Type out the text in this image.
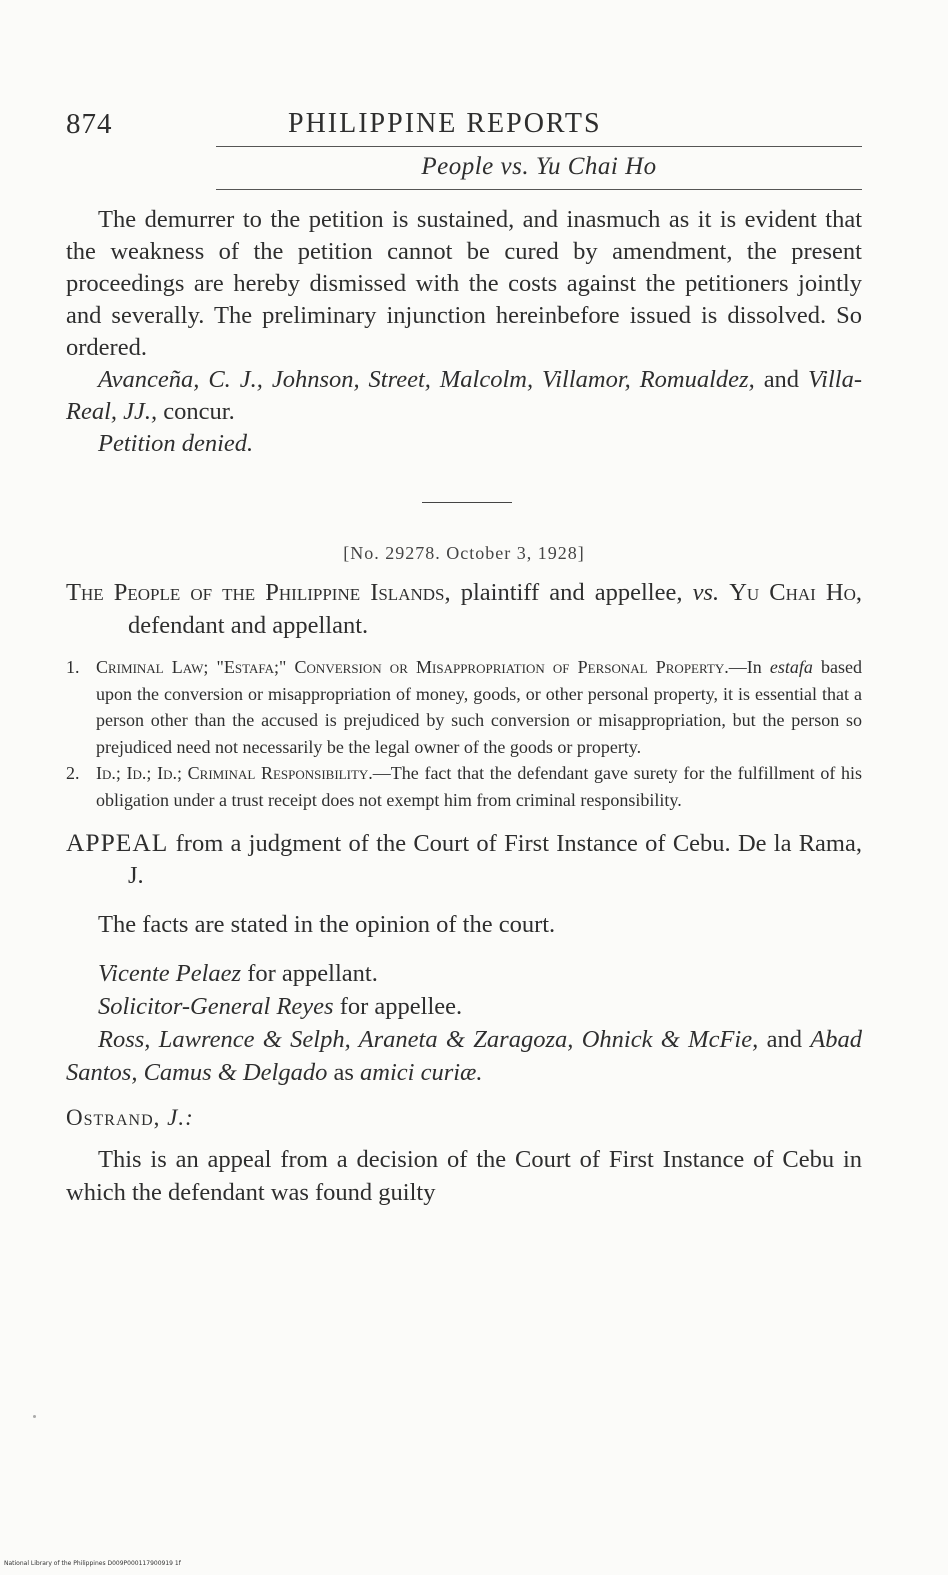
874	PHILIPPINE REPORTS
People vs. Yu Chai Ho

The demurrer to the petition is sustained, and inasmuch as it is evident that the weakness of the petition cannot be cured by amendment, the present proceedings are hereby dismissed with the costs against the petitioners jointly and severally. The preliminary injunction hereinbefore issued is dissolved. So ordered.

Avanceña, C. J., Johnson, Street, Malcolm, Villamor, Romualdez, and Villa-Real, JJ., concur.

Petition denied.

[No. 29278. October 3, 1928]
The People of the Philippine Islands, plaintiff and appellee, vs. Yu Chai Ho, defendant and appellant.
1. Criminal Law; "Estafa;" Conversion or Misappropriation of Personal Property.—In estafa based upon the conversion or misappropriation of money, goods, or other personal property, it is essential that a person other than the accused is prejudiced by such conversion or misappropriation, but the person so prejudiced need not necessarily be the legal owner of the goods or property.
2. Id.; Id.; Id.; Criminal Responsibility.—The fact that the defendant gave surety for the fulfillment of his obligation under a trust receipt does not exempt him from criminal responsibility.
APPEAL from a judgment of the Court of First Instance of Cebu. De la Rama, J.

The facts are stated in the opinion of the court.

Vicente Pelaez for appellant.

Solicitor-General Reyes for appellee.

Ross, Lawrence & Selph, Araneta & Zaragoza, Ohnick & McFie, and Abad Santos, Camus & Delgado as amici curiæ.

Ostrand, J.:

This is an appeal from a decision of the Court of First Instance of Cebu in which the defendant was found guilty

National Library of the Philippines D009P000117900919 1f
